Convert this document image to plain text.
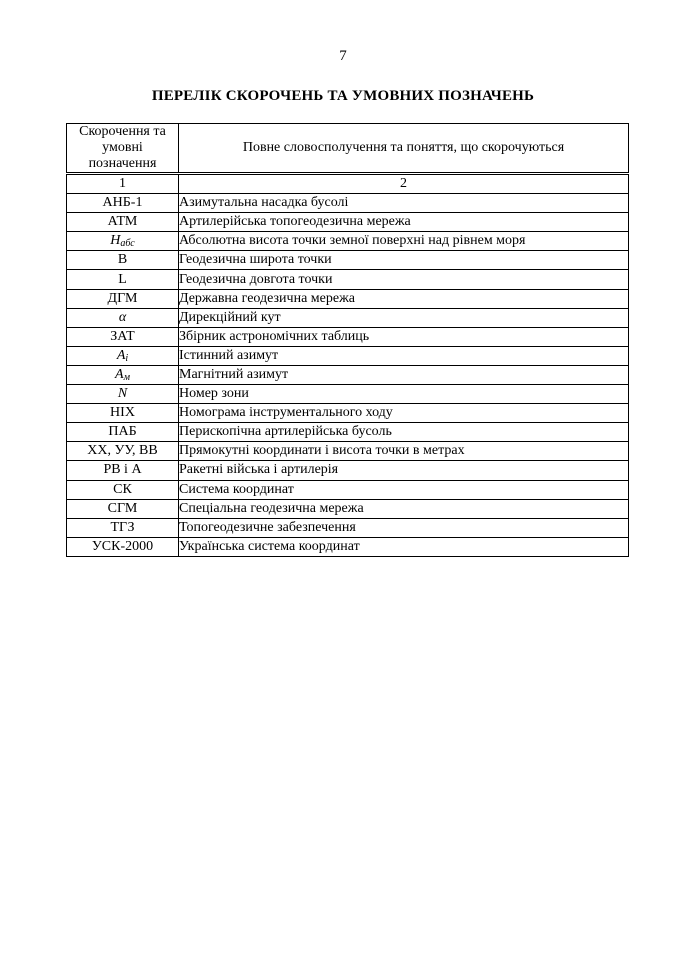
7
ПЕРЕЛІК СКОРОЧЕНЬ ТА УМОВНИХ ПОЗНАЧЕНЬ
Скорочення та умовні позначення	Повне словосполучення та поняття, що скорочуються
1	2
АНБ-1	Азимутальна насадка бусолі
АТМ	Артилерійська топогеодезична мережа
$H_{абс}$	Абсолютна висота точки земної поверхні над рівнем моря
B	Геодезична широта точки
L	Геодезична довгота точки
ДГМ	Державна геодезична мережа
α	Дирекційний кут
ЗАТ	Збірник астрономічних таблиць
$A_i$	Істинний азимут
$A_м$	Магнітний азимут
N	Номер зони
НІХ	Номограма інструментального ходу
ПАБ	Перископічна артилерійська бусоль
XX, УУ, ВВ	Прямокутні координати і висота точки в метрах
РВ і А	Ракетні війська і артилерія
СК	Система координат
СГМ	Спеціальна геодезична мережа
ТГЗ	Топогеодезичне забезпечення
УСК-2000	Українська система координат
